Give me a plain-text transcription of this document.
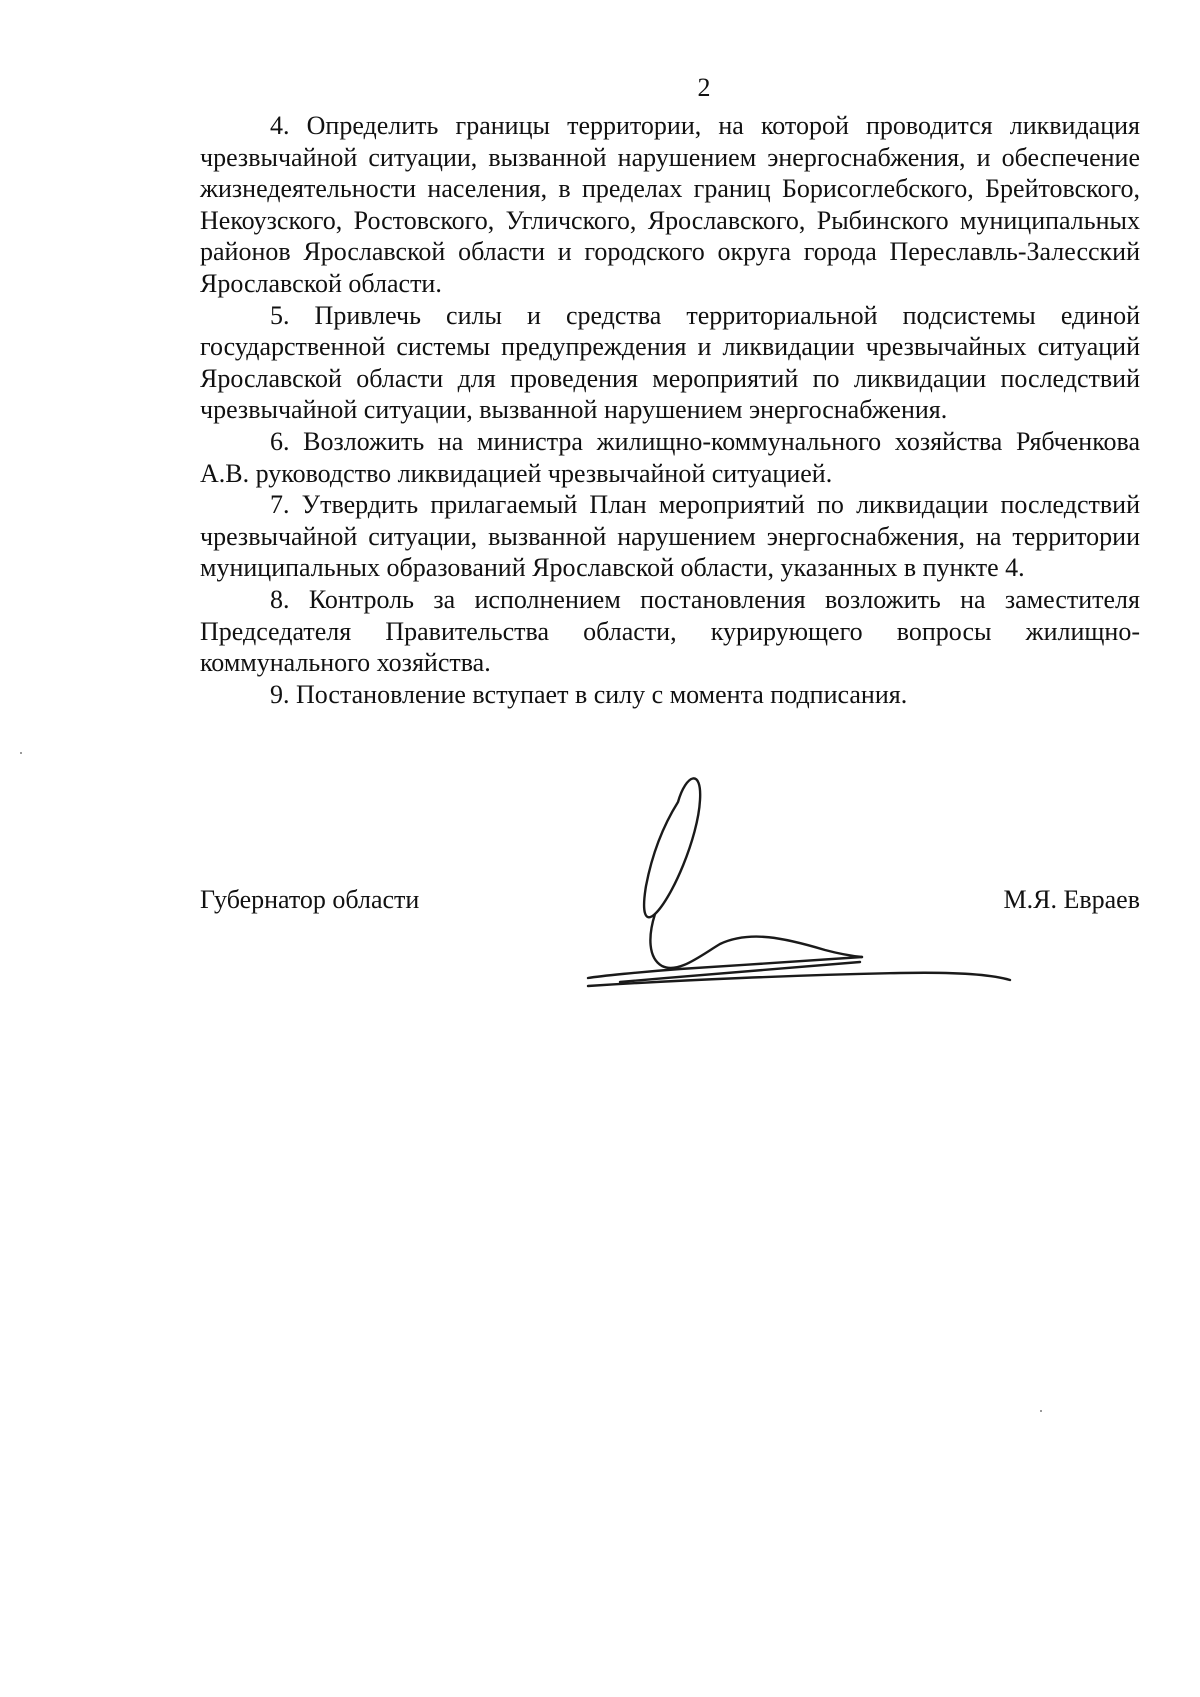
2

4. Определить границы территории, на которой проводится ликвидация чрезвычайной ситуации, вызванной нарушением энергоснабжения, и обеспечение жизнедеятельности населения, в пределах границ Борисоглебского, Брейтовского, Некоузского, Ростовского, Угличского, Ярославского, Рыбинского муниципальных районов Ярославской области и городского округа города Переславль-Залесский Ярославской области.

5. Привлечь силы и средства территориальной подсистемы единой государственной системы предупреждения и ликвидации чрезвычайных ситуаций Ярославской области для проведения мероприятий по ликвидации последствий чрезвычайной ситуации, вызванной нарушением энергоснабжения.

6. Возложить на министра жилищно-коммунального хозяйства Рябченкова А.В. руководство ликвидацией чрезвычайной ситуацией.

7. Утвердить прилагаемый План мероприятий по ликвидации последствий чрезвычайной ситуации, вызванной нарушением энергоснабжения, на территории муниципальных образований Ярославской области, указанных в пункте 4.

8. Контроль за исполнением постановления возложить на заместителя Председателя Правительства области, курирующего вопросы жилищно-коммунального хозяйства.

9. Постановление вступает в силу с момента подписания.

Губернатор области	М.Я. Евраев
